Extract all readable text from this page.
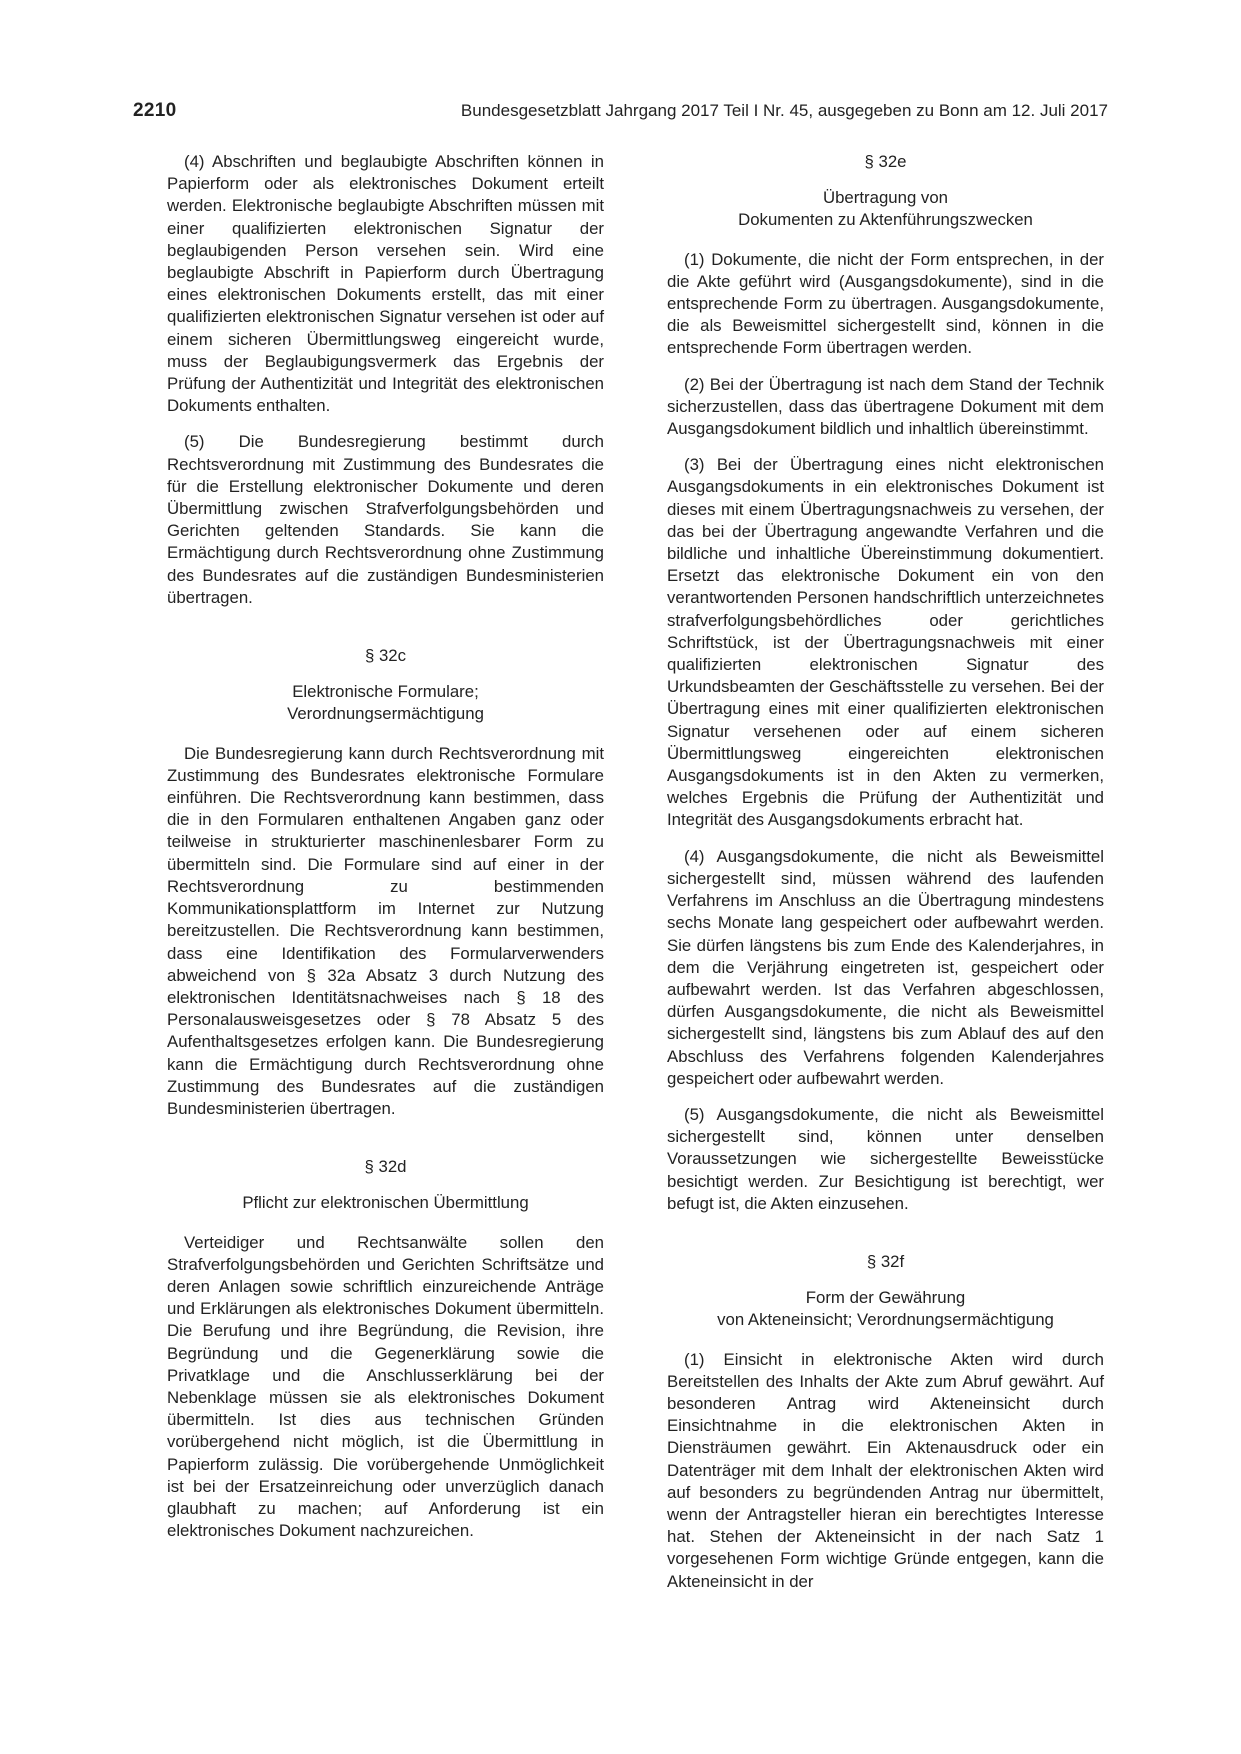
2210	Bundesgesetzblatt Jahrgang 2017 Teil I Nr. 45, ausgegeben zu Bonn am 12. Juli 2017

(4) Abschriften und beglaubigte Abschriften können in Papierform oder als elektronisches Dokument erteilt werden. Elektronische beglaubigte Abschriften müssen mit einer qualifizierten elektronischen Signatur der beglaubigenden Person versehen sein. Wird eine beglaubigte Abschrift in Papierform durch Übertragung eines elektronischen Dokuments erstellt, das mit einer qualifizierten elektronischen Signatur versehen ist oder auf einem sicheren Übermittlungsweg eingereicht wurde, muss der Beglaubigungsvermerk das Ergebnis der Prüfung der Authentizität und Integrität des elektronischen Dokuments enthalten.

(5) Die Bundesregierung bestimmt durch Rechtsverordnung mit Zustimmung des Bundesrates die für die Erstellung elektronischer Dokumente und deren Übermittlung zwischen Strafverfolgungsbehörden und Gerichten geltenden Standards. Sie kann die Ermächtigung durch Rechtsverordnung ohne Zustimmung des Bundesrates auf die zuständigen Bundesministerien übertragen.

§ 32c
Elektronische Formulare;
Verordnungsermächtigung

Die Bundesregierung kann durch Rechtsverordnung mit Zustimmung des Bundesrates elektronische Formulare einführen. Die Rechtsverordnung kann bestimmen, dass die in den Formularen enthaltenen Angaben ganz oder teilweise in strukturierter maschinenlesbarer Form zu übermitteln sind. Die Formulare sind auf einer in der Rechtsverordnung zu bestimmenden Kommunikationsplattform im Internet zur Nutzung bereitzustellen. Die Rechtsverordnung kann bestimmen, dass eine Identifikation des Formularverwenders abweichend von § 32a Absatz 3 durch Nutzung des elektronischen Identitätsnachweises nach § 18 des Personalausweisgesetzes oder § 78 Absatz 5 des Aufenthaltsgesetzes erfolgen kann. Die Bundesregierung kann die Ermächtigung durch Rechtsverordnung ohne Zustimmung des Bundesrates auf die zuständigen Bundesministerien übertragen.

§ 32d
Pflicht zur elektronischen Übermittlung

Verteidiger und Rechtsanwälte sollen den Strafverfolgungsbehörden und Gerichten Schriftsätze und deren Anlagen sowie schriftlich einzureichende Anträge und Erklärungen als elektronisches Dokument übermitteln. Die Berufung und ihre Begründung, die Revision, ihre Begründung und die Gegenerklärung sowie die Privatklage und die Anschlusserklärung bei der Nebenklage müssen sie als elektronisches Dokument übermitteln. Ist dies aus technischen Gründen vorübergehend nicht möglich, ist die Übermittlung in Papierform zulässig. Die vorübergehende Unmöglichkeit ist bei der Ersatzeinreichung oder unverzüglich danach glaubhaft zu machen; auf Anforderung ist ein elektronisches Dokument nachzureichen.

§ 32e
Übertragung von
Dokumenten zu Aktenführungszwecken

(1) Dokumente, die nicht der Form entsprechen, in der die Akte geführt wird (Ausgangsdokumente), sind in die entsprechende Form zu übertragen. Ausgangsdokumente, die als Beweismittel sichergestellt sind, können in die entsprechende Form übertragen werden.

(2) Bei der Übertragung ist nach dem Stand der Technik sicherzustellen, dass das übertragene Dokument mit dem Ausgangsdokument bildlich und inhaltlich übereinstimmt.

(3) Bei der Übertragung eines nicht elektronischen Ausgangsdokuments in ein elektronisches Dokument ist dieses mit einem Übertragungsnachweis zu versehen, der das bei der Übertragung angewandte Verfahren und die bildliche und inhaltliche Übereinstimmung dokumentiert. Ersetzt das elektronische Dokument ein von den verantwortenden Personen handschriftlich unterzeichnetes strafverfolgungsbehördliches oder gerichtliches Schriftstück, ist der Übertragungsnachweis mit einer qualifizierten elektronischen Signatur des Urkundsbeamten der Geschäftsstelle zu versehen. Bei der Übertragung eines mit einer qualifizierten elektronischen Signatur versehenen oder auf einem sicheren Übermittlungsweg eingereichten elektronischen Ausgangsdokuments ist in den Akten zu vermerken, welches Ergebnis die Prüfung der Authentizität und Integrität des Ausgangsdokuments erbracht hat.

(4) Ausgangsdokumente, die nicht als Beweismittel sichergestellt sind, müssen während des laufenden Verfahrens im Anschluss an die Übertragung mindestens sechs Monate lang gespeichert oder aufbewahrt werden. Sie dürfen längstens bis zum Ende des Kalenderjahres, in dem die Verjährung eingetreten ist, gespeichert oder aufbewahrt werden. Ist das Verfahren abgeschlossen, dürfen Ausgangsdokumente, die nicht als Beweismittel sichergestellt sind, längstens bis zum Ablauf des auf den Abschluss des Verfahrens folgenden Kalenderjahres gespeichert oder aufbewahrt werden.

(5) Ausgangsdokumente, die nicht als Beweismittel sichergestellt sind, können unter denselben Voraussetzungen wie sichergestellte Beweisstücke besichtigt werden. Zur Besichtigung ist berechtigt, wer befugt ist, die Akten einzusehen.

§ 32f
Form der Gewährung
von Akteneinsicht; Verordnungsermächtigung

(1) Einsicht in elektronische Akten wird durch Bereitstellen des Inhalts der Akte zum Abruf gewährt. Auf besonderen Antrag wird Akteneinsicht durch Einsichtnahme in die elektronischen Akten in Diensträumen gewährt. Ein Aktenausdruck oder ein Datenträger mit dem Inhalt der elektronischen Akten wird auf besonders zu begründenden Antrag nur übermittelt, wenn der Antragsteller hieran ein berechtigtes Interesse hat. Stehen der Akteneinsicht in der nach Satz 1 vorgesehenen Form wichtige Gründe entgegen, kann die Akteneinsicht in der
